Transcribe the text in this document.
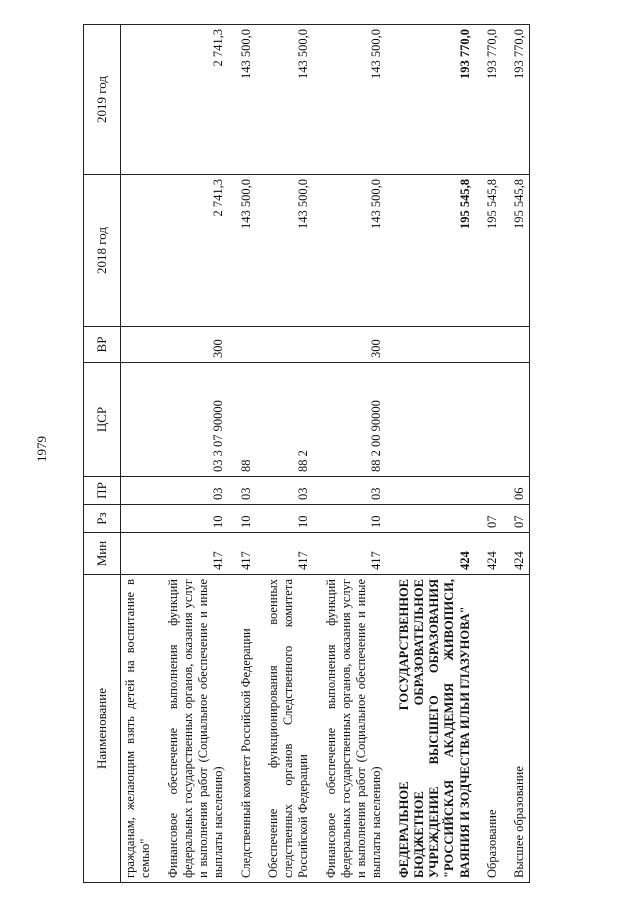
1979
Наименование	Мин	Рз	ПР	ЦСР	ВР	2018 год	2019 год
гражданам, желающим взять детей на воспитание в семью"							
Финансовое обеспечение выполнения функций федеральных государственных органов, оказания услуг и выполнения работ (Социальное обеспечение и иные выплаты населению)	417	10	03	03 3 07 90000	300	2 741,3	2 741,3
Следственный комитет Российской Федерации	417	10	03	88		143 500,0	143 500,0
Обеспечение функционирования военных следственных органов Следственного комитета Российской Федерации	417	10	03	88 2		143 500,0	143 500,0
Финансовое обеспечение выполнения функций федеральных государственных органов, оказания услуг и выполнения работ (Социальное обеспечение и иные выплаты населению)	417	10	03	88 2 00 90000	300	143 500,0	143 500,0
ФЕДЕРАЛЬНОЕ ГОСУДАРСТВЕННОЕ БЮДЖЕТНОЕ ОБРАЗОВАТЕЛЬНОЕ УЧРЕЖДЕНИЕ ВЫСШЕГО ОБРАЗОВАНИЯ "РОССИЙСКАЯ АКАДЕМИЯ ЖИВОПИСИ, ВАЯНИЯ И ЗОДЧЕСТВА ИЛЬИ ГЛАЗУНОВА"	424					195 545,8	193 770,0
Образование	424	07				195 545,8	193 770,0
Высшее образование	424	07	06			195 545,8	193 770,0
